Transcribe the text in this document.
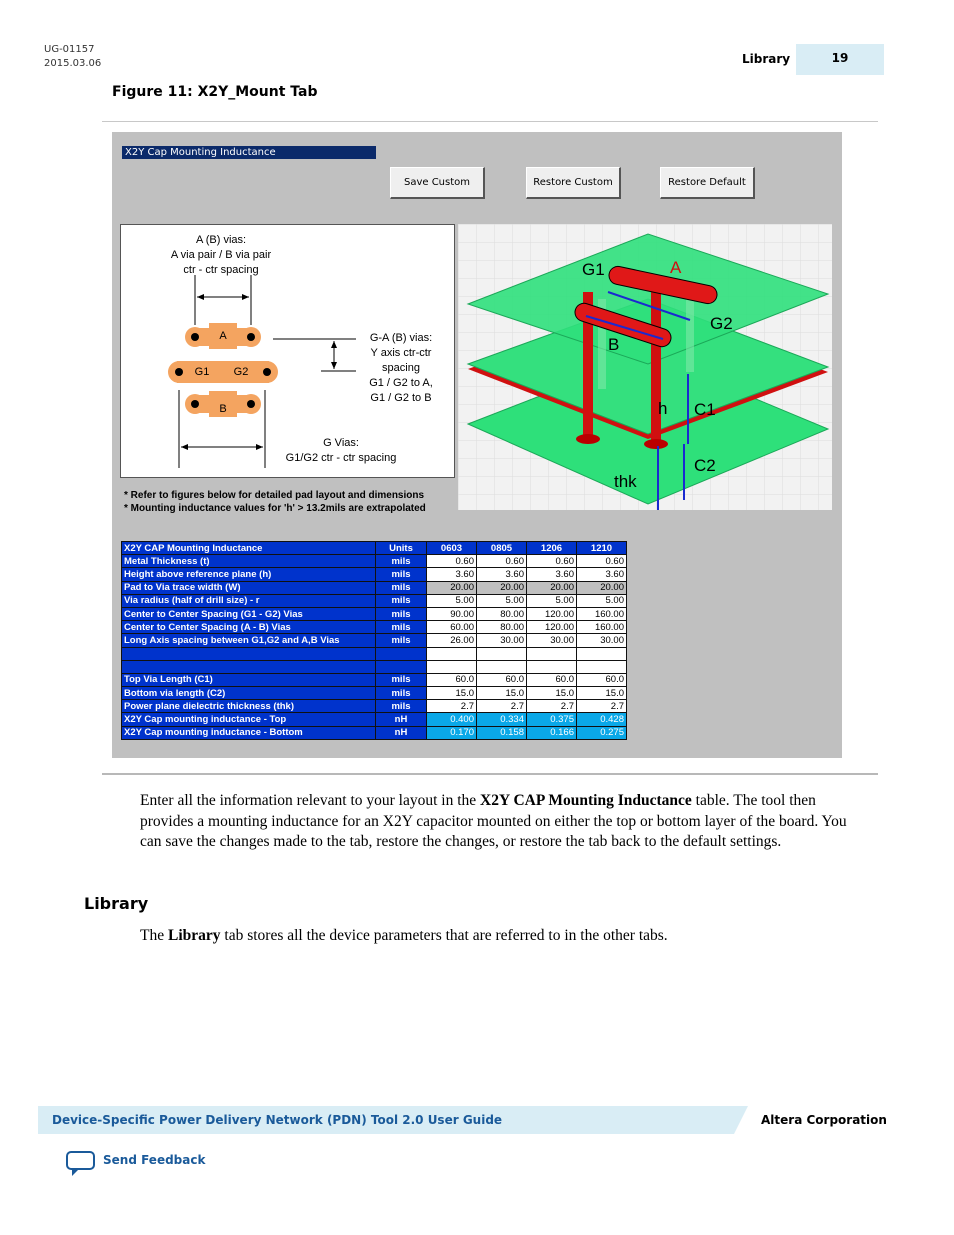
UG-01157
2015.03.06	Library	19
Figure 11: X2Y_Mount Tab
X2Y Cap Mounting Inductance
Save Custom	Restore Custom	Restore Default
A (B) vias:
A via pair / B via pair
ctr - ctr spacing
A
G1	G2
B
G-A (B) vias:
Y axis ctr-ctr
spacing
G1 / G2 to A,
G1 / G2 to B
G Vias:
G1/G2 ctr - ctr spacing
* Refer to figures below for detailed pad layout and dimensions
* Mounting inductance values for 'h' > 13.2mils are extrapolated
G1	A
G2
B
h C1
C2
thk
X2Y CAP Mounting Inductance	Units	0603	0805	1206	1210
Metal Thickness (t)	mils	0.60	0.60	0.60	0.60
Height above reference plane (h)	mils	3.60	3.60	3.60	3.60
Pad to Via trace width (W)	mils	20.00	20.00	20.00	20.00
Via radius (half of drill size) - r	mils	5.00	5.00	5.00	5.00
Center to Center Spacing (G1 - G2) Vias	mils	90.00	80.00	120.00	160.00
Center to Center Spacing (A - B) Vias	mils	60.00	80.00	120.00	160.00
Long Axis spacing between G1,G2 and A,B Vias	mils	26.00	30.00	30.00	30.00

Top Via Length (C1)	mils	60.0	60.0	60.0	60.0
Bottom via length (C2)	mils	15.0	15.0	15.0	15.0
Power plane dielectric thickness (thk)	mils	2.7	2.7	2.7	2.7
X2Y Cap mounting inductance - Top	nH	0.400	0.334	0.375	0.428
X2Y Cap mounting inductance - Bottom	nH	0.170	0.158	0.166	0.275
Enter all the information relevant to your layout in the X2Y CAP Mounting Inductance table. The tool then provides a mounting inductance for an X2Y capacitor mounted on either the top or bottom layer of the board. You can save the changes made to the tab, restore the changes, or restore the tab back to the default settings.
Library
The Library tab stores all the device parameters that are referred to in the other tabs.
Device-Specific Power Delivery Network (PDN) Tool 2.0 User Guide	Altera Corporation
Send Feedback
